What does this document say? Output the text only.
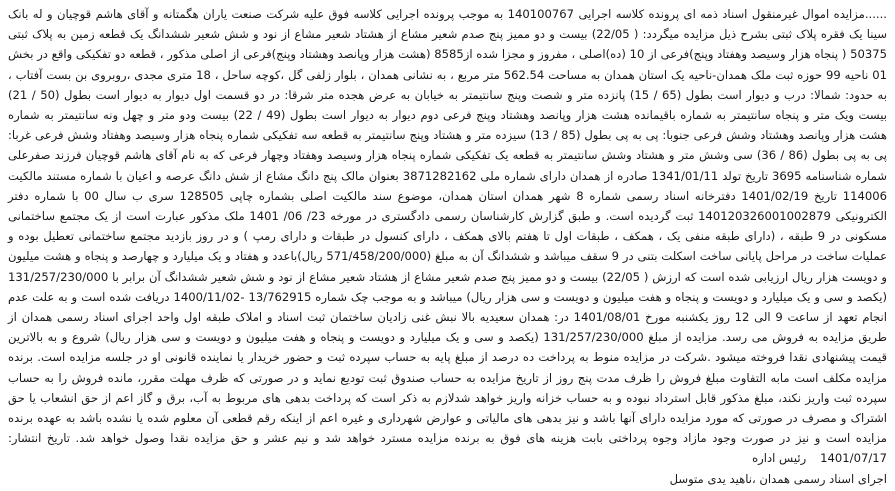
......مزایده اموال غیرمنقول اسناد ذمه ای پرونده کلاسه اجرایی 140100767 به موجب پرونده اجرایی کلاسه فوق علیه شرکت صنعت یاران هگمتانه و آقای هاشم قوچیان و له بانک سینا یک فقره پلاک ثبتی بشرح ذیل مزایده میگردد: ( 22/05) بیست و دو ممیز پنج صدم شعیر مشاع از هشتاد شعیر مشاع از نود و شش شعیر ششدانگ یک قطعه زمین به پلاک ثبتی 50375 ( پنجاه هزار وسیصد وهفتاد وپنج)فرعی از 10 (ده)اصلی ، مفروز و مجزا شده از8585 (هشت هزار وپانصد وهشتاد وپنج)فرعی از اصلی مذکور ، قطعه دو تفکیکی واقع در بخش 01 ناحیه 99 حوزه ثبت ملک همدان-ناحیه یک استان همدان به مساحت 562.54 متر مربع ، به نشانی همدان ، بلوار زلفی گل ،کوچه ساحل ، 18 متری مجدی ،روبروی بن بست آفتاب ، به حدود: شمالا: درب و دیوار است بطول (65 / 15) پانزده متر و شصت وپنج سانتیمتر به خیابان به عرض هجده متر شرقا: در دو قسمت اول دیوار به دیوار است بطول (50 / 21) بیست ویک متر و پنجاه سانتیمتر به شماره باقیمانده هشت هزار وپانصد وهشتاد وپنج فرعی دوم دیوار به دیوار است بطول (49 / 22) بیست ودو متر و چهل ونه سانتیمتر به شماره هشت هزار وپانصد وهشتاد وشش فرعی جنوبا: پی به پی بطول (85 / 13) سیزده متر و هشتاد وپنج سانتیمتر به قطعه سه تفکیکی شماره پنجاه هزار وسیصد وهفتاد وشش فرعی غربا: پی به پی بطول (86 / 36) سی وشش متر و هشتاد وشش سانتیمتر به قطعه یک تفکیکی شماره پنجاه هزار وسیصد وهفتاد وچهار فرعی که به نام آقای هاشم قوچیان فرزند صفرعلی شماره شناسنامه 3695 تاریخ تولد 1341/01/11 صادره از همدان دارای شماره ملی 3871282162 بعنوان مالک پنج دانگ مشاع از شش دانگ عرصه و اعیان با شماره مستند مالکیت 114006 تاریخ 1401/02/19 دفترخانه اسناد رسمی شماره 8 شهر همدان استان همدان، موضوع سند مالکیت اصلی بشماره چاپی 128505 سری ب سال 00 با شماره دفتر الکترونیکی 140120326001002879 ثبت گردیده است. و طبق گزارش کارشناسان رسمی دادگستری در مورخه 23/ 06/ 1401 ملک مذکور عبارت است از یک مجتمع ساختمانی مسکونی در 9 طبقه ، (دارای طبقه منفی یک ، همکف ، طبقات اول تا هفتم بالای همکف ، دارای کنسول در طبقات و دارای رمپ ) و در روز بازدید مجتمع ساختمانی تعطیل بوده و عملیات ساخت در مراحل پایانی ساخت اسکلت بتنی در 9 سقف میباشد و ششدانگ آن به مبلغ (571/458/200/000 ریال)باعدد و هفتاد و یک میلیارد و چهارصد و پنجاه و هشت میلیون و دویست هزار ریال ارزیابی شده است که ارزش ( 22/05) بیست و دو ممیز پنج صدم شعیر مشاع از هشتاد شعیر مشاع از نود و شش شعیر ششدانگ آن برابر با 131/257/230/000 (یکصد و سی و یک میلیارد و دویست و پنجاه و هفت میلیون و دویست و سی هزار ریال) میباشد و به موجب چک شماره 13/762915 -1400/11/02 دریافت شده است و به علت عدم انجام تعهد از ساعت 9 الی 12 روز یکشنبه مورخ 1401/08/01 در: همدان سعیدیه بالا نبش غنی زادیان ساختمان ثبت اسناد و املاک طبقه اول واحد اجرای اسناد رسمی همدان از طریق مزایده به فروش می رسد. مزایده از مبلغ 131/257/230/000 (یکصد و سی و یک میلیارد و دویست و پنجاه و هفت میلیون و دویست و سی هزار ریال) شروع و به بالاترین قیمت پیشنهادی نقدا فروخته میشود .شرکت در مزایده منوط به پرداخت ده درصد از مبلغ پایه به حساب سپرده ثبت و حضور خریدار یا نماینده قانونی او در جلسه مزایده است. برنده مزایده مکلف است مابه التفاوت مبلغ فروش را ظرف مدت پنج روز از تاریخ مزایده به حساب صندوق ثبت تودیع نماید و در صورتی که ظرف مهلت مقرر، مانده فروش را به حساب سپرده ثبت واریز نکند، مبلغ مذکور قابل استرداد نبوده و به حساب خزانه واریز خواهد شدلازم به ذکر است که پرداخت بدهی های مربوط به آب، برق و گاز اعم از حق انشعاب یا حق اشتراک و مصرف در صورتی که مورد مزایده دارای آنها باشد و نیز بدهی های مالیاتی و عوارض شهرداری و غیره اعم از اینکه رقم قطعی آن معلوم شده یا نشده باشد به عهده برنده مزایده است و نیز در صورت وجود مازاد وجوه پرداختی بابت هزینه های فوق به برنده مزایده مسترد خواهد شد و نیم عشر و حق مزایده نقدا وصول خواهد شد. تاریخ انتشار: 1401/07/17رئیس اداره

اجرای اسناد رسمی همدان ،ناهید یدی متوسل
